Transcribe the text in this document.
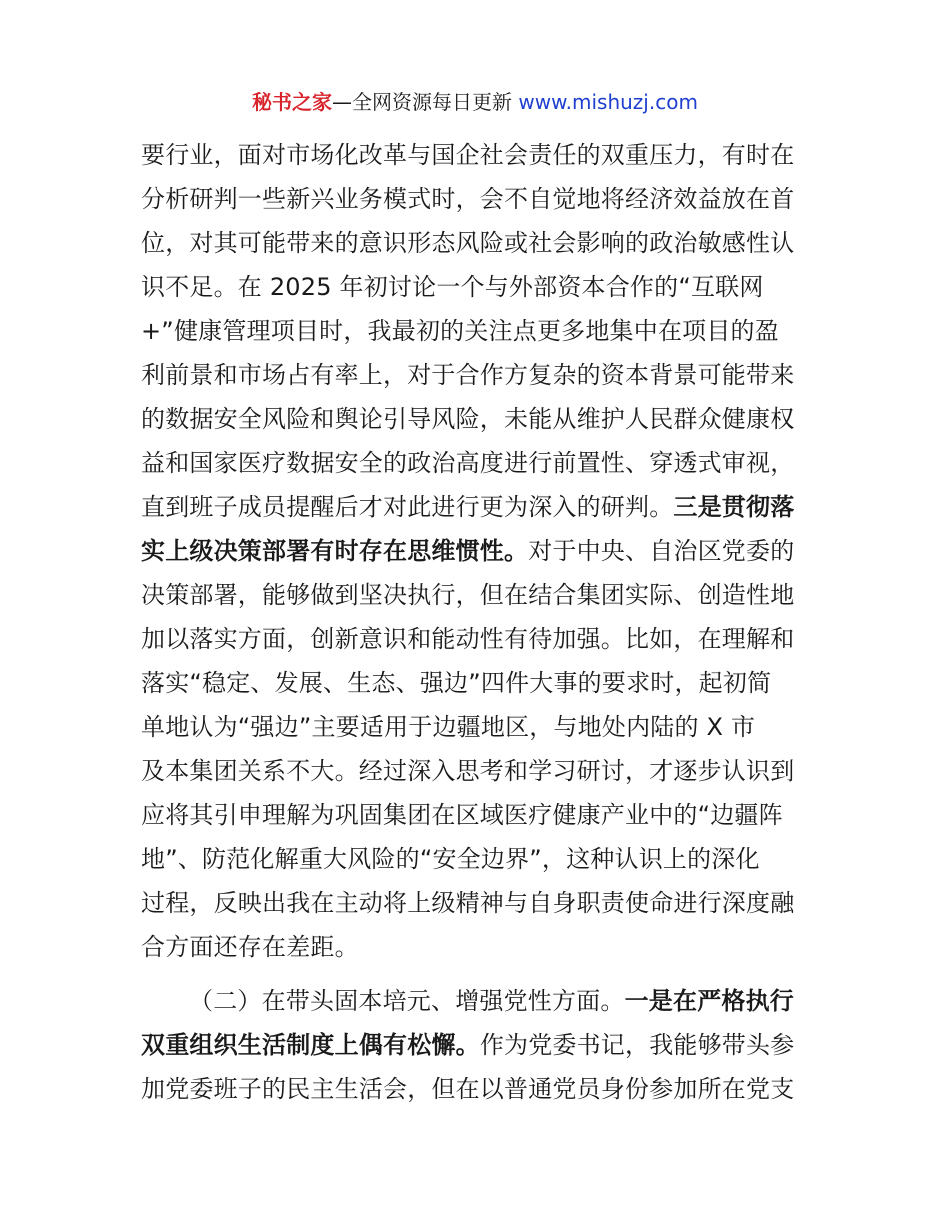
秘书之家—全网资源每日更新 www.mishuzj.com
要行业，面对市场化改革与国企社会责任的双重压力，有时在
分析研判一些新兴业务模式时，会不自觉地将经济效益放在首
位，对其可能带来的意识形态风险或社会影响的政治敏感性认
识不足。在 2025 年初讨论一个与外部资本合作的“互联网
+”健康管理项目时，我最初的关注点更多地集中在项目的盈
利前景和市场占有率上，对于合作方复杂的资本背景可能带来
的数据安全风险和舆论引导风险，未能从维护人民群众健康权
益和国家医疗数据安全的政治高度进行前置性、穿透式审视，
直到班子成员提醒后才对此进行更为深入的研判。三是贯彻落
实上级决策部署有时存在思维惯性。对于中央、自治区党委的
决策部署，能够做到坚决执行，但在结合集团实际、创造性地
加以落实方面，创新意识和能动性有待加强。比如，在理解和
落实“稳定、发展、生态、强边”四件大事的要求时，起初简
单地认为“强边”主要适用于边疆地区，与地处内陆的 X 市
及本集团关系不大。经过深入思考和学习研讨，才逐步认识到
应将其引申理解为巩固集团在区域医疗健康产业中的“边疆阵
地”、防范化解重大风险的“安全边界”，这种认识上的深化
过程，反映出我在主动将上级精神与自身职责使命进行深度融
合方面还存在差距。
（二）在带头固本培元、增强党性方面。一是在严格执行
双重组织生活制度上偶有松懈。作为党委书记，我能够带头参
加党委班子的民主生活会，但在以普通党员身份参加所在党支
